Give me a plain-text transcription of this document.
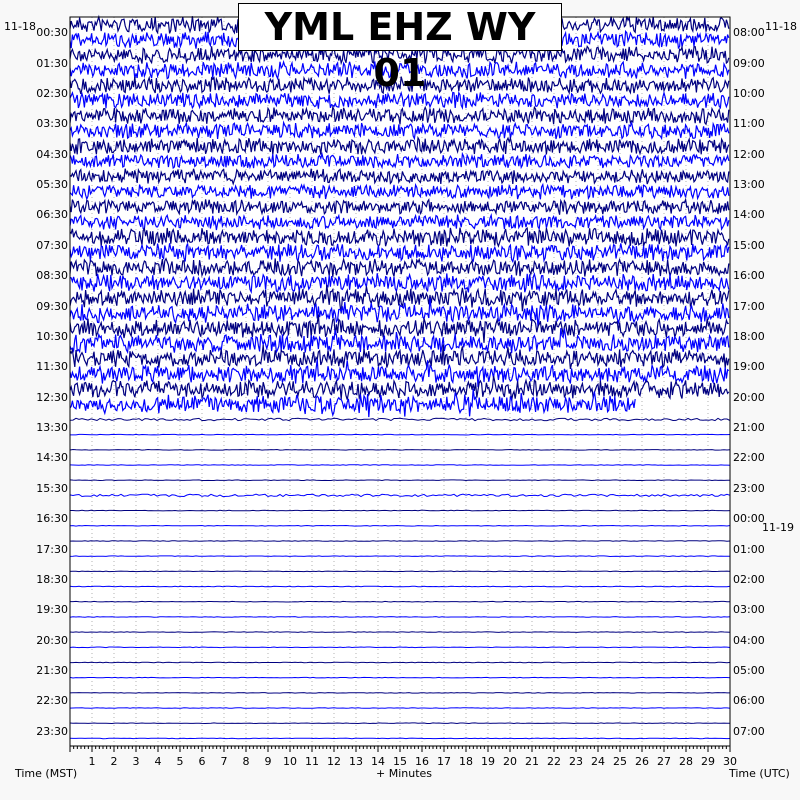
YML EHZ WY 01
11-18	11-18
11-19
Time (MST)	Time (UTC)
+ Minutes
00:30
01:30
02:30
03:30
04:30
05:30
06:30
07:30
08:30
09:30
10:30
11:30
12:30
13:30
14:30
15:30
16:30
17:30
18:30
19:30
20:30
21:30
22:30
23:30
08:00
09:00
10:00
11:00
12:00
13:00
14:00
15:00
16:00
17:00
18:00
19:00
20:00
21:00
22:00
23:00
00:00
01:00
02:00
03:00
04:00
05:00
06:00
07:00
1	2	3	4	5	6	7	8	9	10 11 12 13 14 15 16 17 18 19 20 21 22 23 24 25 26 27 28 29 30
